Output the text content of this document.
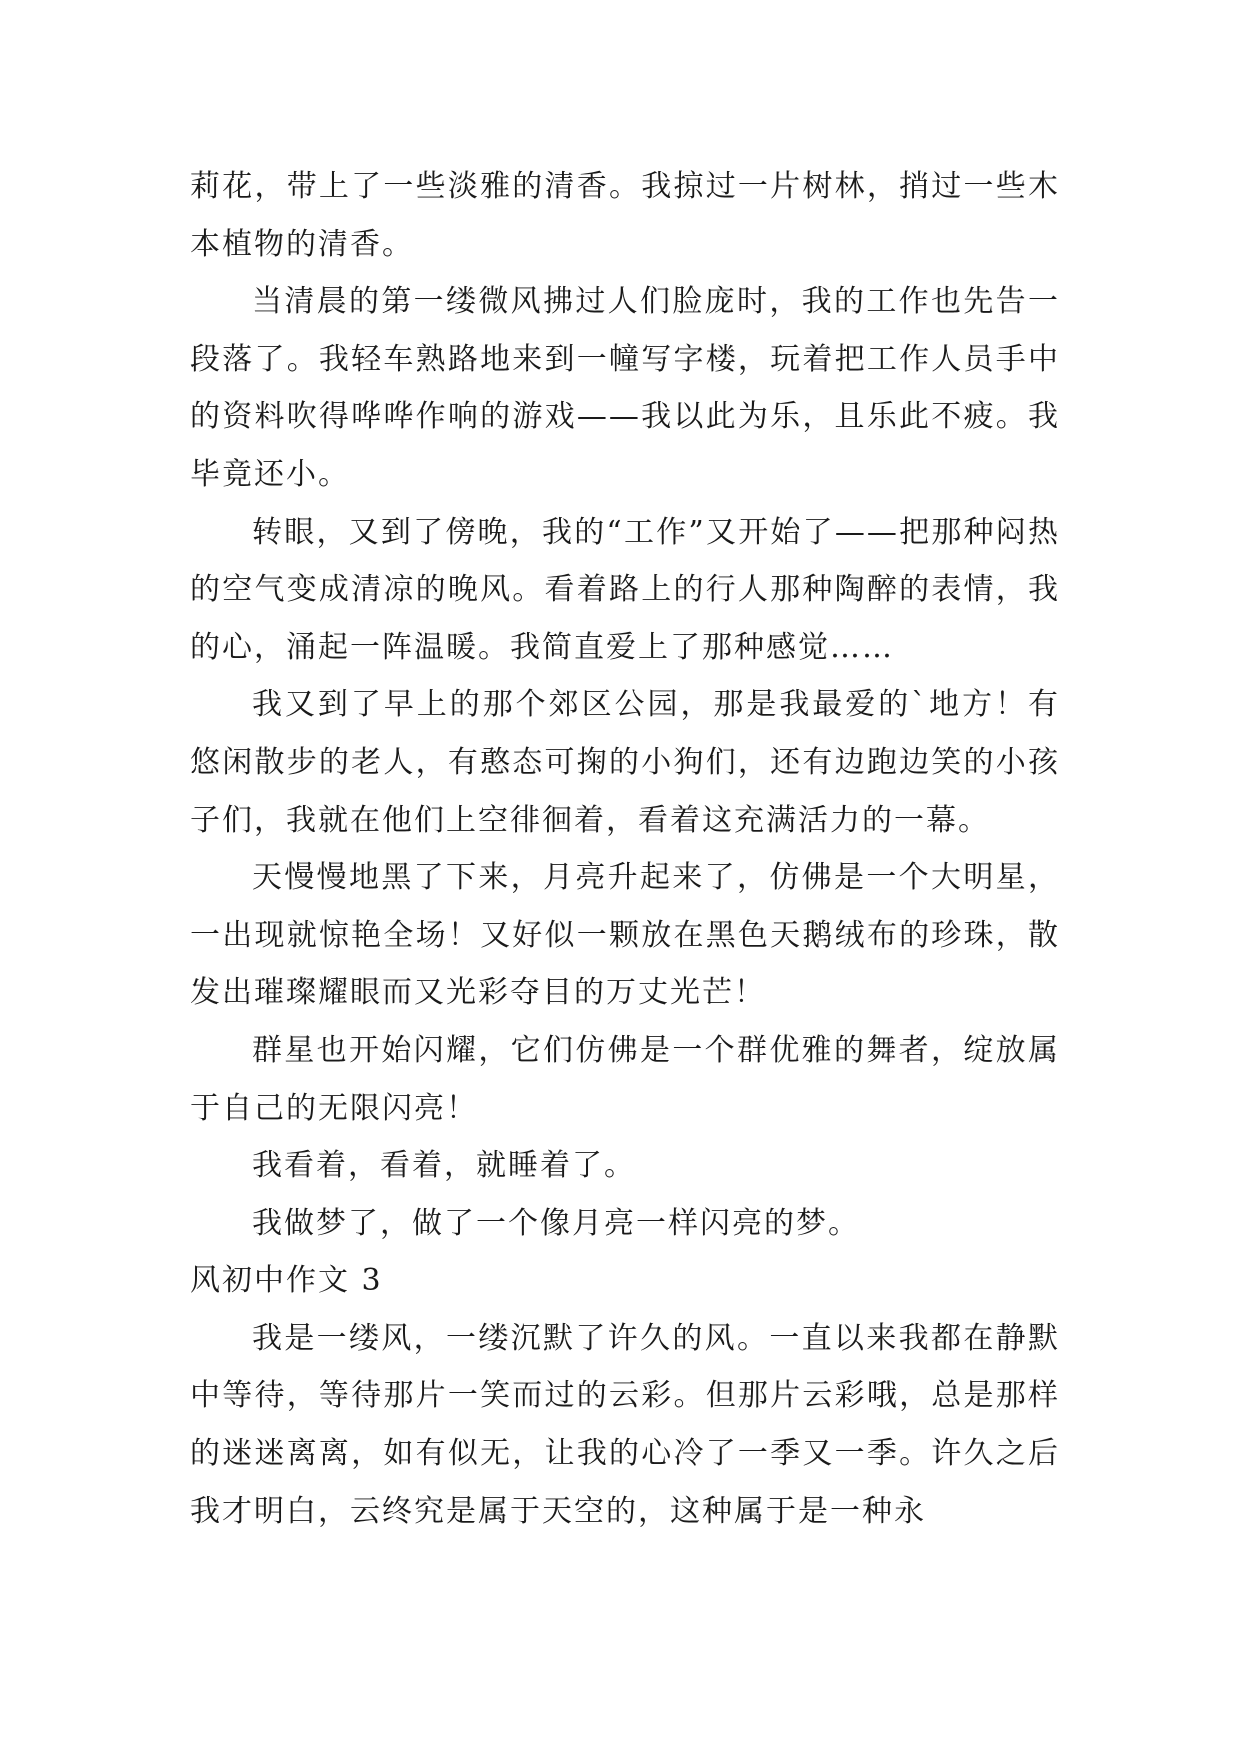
莉花，带上了一些淡雅的清香。我掠过一片树林，捎过一些木本植物的清香。

当清晨的第一缕微风拂过人们脸庞时，我的工作也先告一段落了。我轻车熟路地来到一幢写字楼，玩着把工作人员手中的资料吹得哗哗作响的游戏——我以此为乐，且乐此不疲。我毕竟还小。

转眼，又到了傍晚，我的“工作”又开始了——把那种闷热的空气变成清凉的晚风。看着路上的行人那种陶醉的表情，我的心，涌起一阵温暖。我简直爱上了那种感觉……

我又到了早上的那个郊区公园，那是我最爱的`地方！有悠闲散步的老人，有憨态可掬的小狗们，还有边跑边笑的小孩子们，我就在他们上空徘徊着，看着这充满活力的一幕。

天慢慢地黑了下来，月亮升起来了，仿佛是一个大明星，一出现就惊艳全场！又好似一颗放在黑色天鹅绒布的珍珠，散发出璀璨耀眼而又光彩夺目的万丈光芒！

群星也开始闪耀，它们仿佛是一个群优雅的舞者，绽放属于自己的无限闪亮！

我看着，看着，就睡着了。

我做梦了，做了一个像月亮一样闪亮的梦。

风初中作文 3

我是一缕风，一缕沉默了许久的风。一直以来我都在静默中等待，等待那片一笑而过的云彩。但那片云彩哦，总是那样的迷迷离离，如有似无，让我的心冷了一季又一季。许久之后我才明白，云终究是属于天空的，这种属于是一种永
